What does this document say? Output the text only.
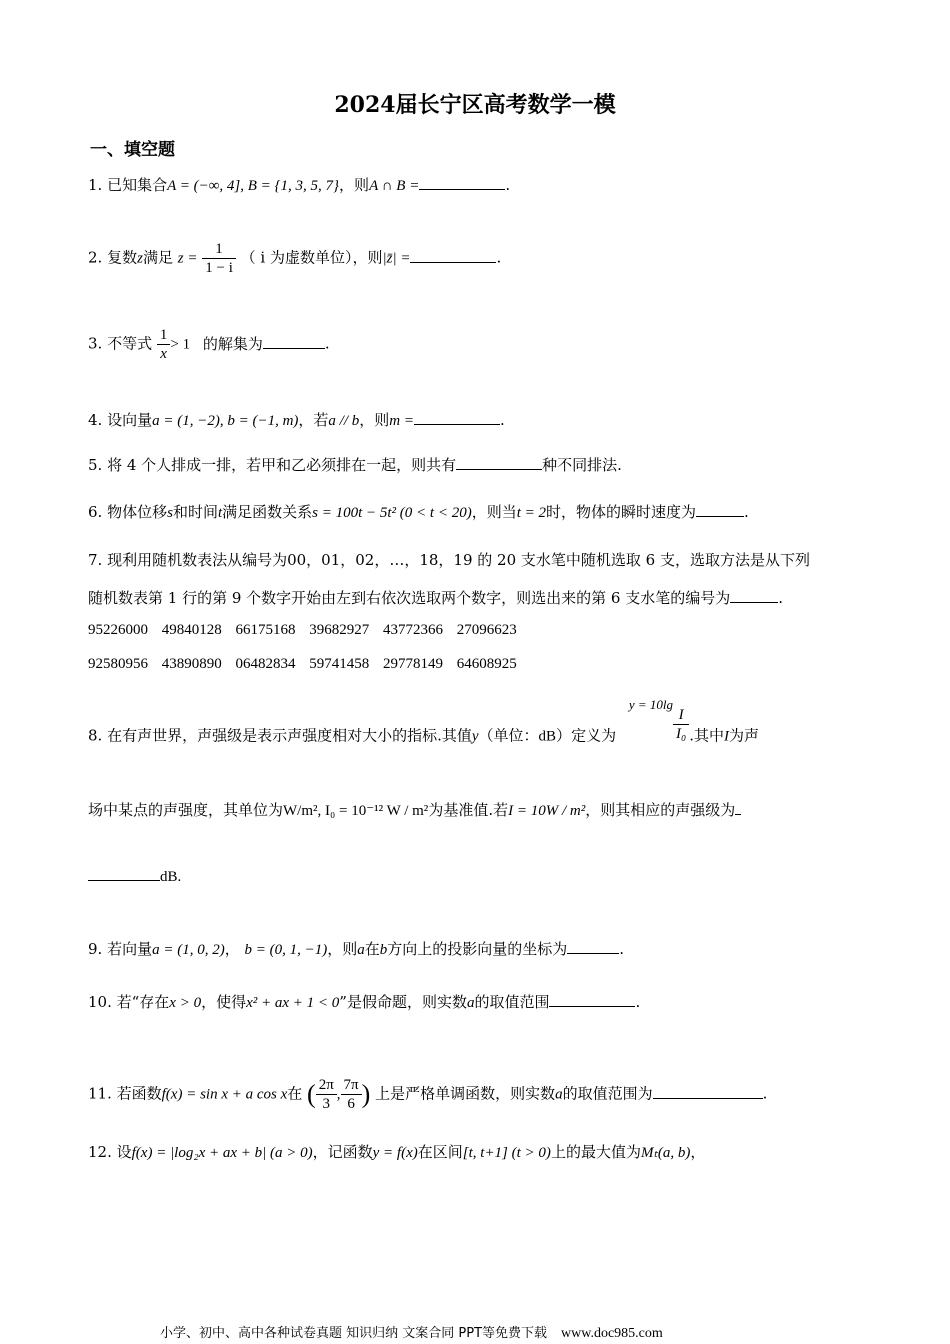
2024届长宁区高考数学一模
一、填空题
1. 已知集合A = (−∞, 4], B = {1, 3, 5, 7}，则A ∩ B =	.
2. 复数z满足 $z = \frac{1}{1 - i}$ （ i 为虚数单位），则|z̄| =	.
3. 不等式 $\frac{1}{x} > 1$ 的解集为	.
4. 设向量a = (1, −2), b = (−1, m)，若a // b，则m =	.
5. 将 4 个人排成一排，若甲和乙必须排在一起，则共有	种不同排法.
6. 物体位移s和时间t满足函数关系s = 100t − 5t² (0 < t < 20)，则当t = 2时，物体的瞬时速度为	.
7. 现利用随机数表法从编号为00，01，02，…，18，19 的 20 支水笔中随机选取 6 支，选取方法是从下列
随机数表第 1 行的第 9 个数字开始由左到右依次选取两个数字，则选出来的第 6 支水笔的编号为	.
95226000 49840128 66175168 39682927 43772366 27096623
92580956 43890890 06482834 59741458 29778149 64608925
8. 在有声世界，声强级是表示声强度相对大小的指标.其值y（单位：dB）定义为 y = 10lg
$\frac{I}{\text{I₀}}$ .其中I为声
场中某点的声强度，其单位为W/m², I₀ = 10⁻¹² W / m²为基准值.若I = 10W / m²，则其相应的声强级为
dB.
9. 若向量a = (1, 0, 2)， b = (0, 1, −1)，则a在b方向上的投影向量的坐标为	.
10. 若“存在x > 0，使得x² + ax + 1 < 0”是假命题，则实数a的取值范围	.
11. 若函数f(x) = sin x + a cos x在 ( $\frac{2\pi}{3}$ , $\frac{7\pi}{6}$ ) 上是严格单调函数，则实数a的取值范围为	.
12. 设f(x) = |log₂x + ax + b| (a > 0)，记函数y = f(x)在区间[t, t+1] (t > 0)上的最大值为Mₜ(a, b)，
小学、初中、高中各种试卷真题 知识归纳 文案合同 PPT等免费下载 www.doc985.com
